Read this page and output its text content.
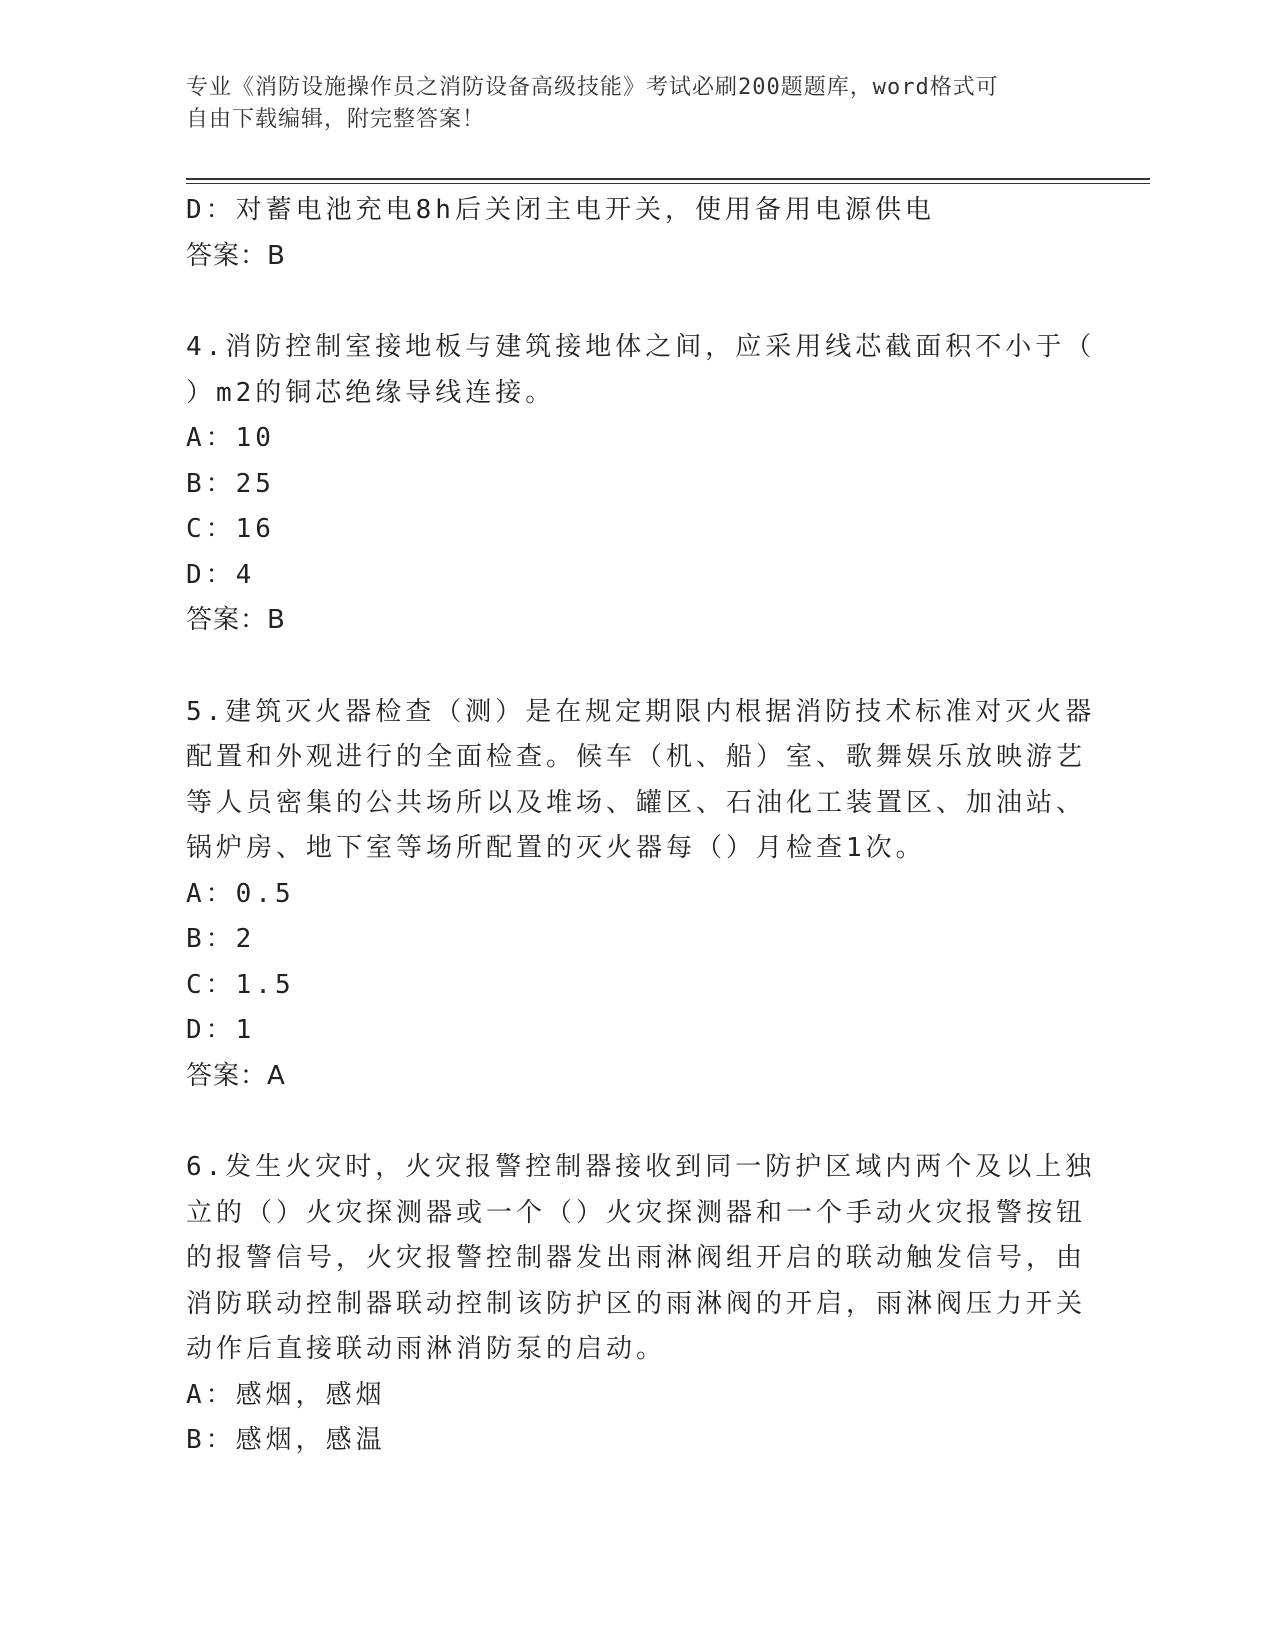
专业《消防设施操作员之消防设备高级技能》考试必刷200题题库，word格式可
自由下载编辑，附完整答案！
D：对蓄电池充电8h后关闭主电开关，使用备用电源供电
答案：B
4.消防控制室接地板与建筑接地体之间，应采用线芯截面积不小于（
）m2的铜芯绝缘导线连接。
A：10
B：25
C：16
D：4
答案：B
5.建筑灭火器检查（测）是在规定期限内根据消防技术标准对灭火器
配置和外观进行的全面检查。候车（机、船）室、歌舞娱乐放映游艺
等人员密集的公共场所以及堆场、罐区、石油化工装置区、加油站、
锅炉房、地下室等场所配置的灭火器每（）月检查1次。
A：0.5
B：2
C：1.5
D：1
答案：A
6.发生火灾时，火灾报警控制器接收到同一防护区域内两个及以上独
立的（）火灾探测器或一个（）火灾探测器和一个手动火灾报警按钮
的报警信号，火灾报警控制器发出雨淋阀组开启的联动触发信号，由
消防联动控制器联动控制该防护区的雨淋阀的开启，雨淋阀压力开关
动作后直接联动雨淋消防泵的启动。
A：感烟，感烟
B：感烟，感温
